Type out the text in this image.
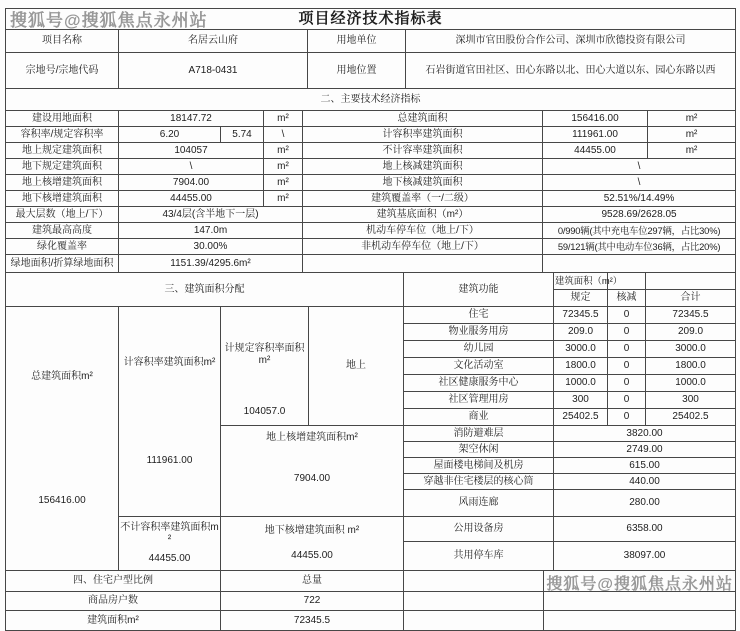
项目经济技术指标表			
项目名称	名居云山府	用地单位	深圳市官田股份合作公司、深圳市欣德投资有限公司
宗地号/宗地代码	A718-0431	用地位置	石岩街道官田社区、田心东路以北、田心大道以东、园心东路以西
二、主要技术经济指标						
建设用地面积	18147.72		m²	总建筑面积	156416.00	m²
容积率/规定容积率	6.20	5.74	\	计容积率建筑面积	111961.00	m²
地上规定建筑面积	104057		m²	不计容率建筑面积	44455.00	m²
地下规定建筑面积	\		m²	地上核减建筑面积	\	
地上核增建筑面积	7904.00		m²	地下核减建筑面积	\	
地下核增建筑面积	44455.00		m²	建筑覆盖率（一/二级）	52.51%/14.49%	
最大层数（地上/下）	43/4层(含半地下一层)			建筑基底面积（m²）	9528.69/2628.05	
建筑最高高度	147.0m			机动车停车位（地上/下）	0/990辆(其中充电车位297辆，占比30%)	
绿化覆盖率	30.00%			非机动车停车位（地上/下）	59/121辆(其中电动车位36辆，占比20%)	
绿地面积/折算绿地面积	1151.39/4295.6m²					
三、建筑面积分配				建筑功能	建筑面积（m²）		
					规定	核减	合计

总建筑面积m²
156416.00

计容积率建筑面积m²
111961.00

计规定容积率面积 m²
104057.0
	地上	住宅	72345.5	0	72345.5
				物业服务用房	209.0	0	209.0
				幼儿园	3000.0	0	3000.0
				文化活动室	1800.0	0	1800.0
				社区健康服务中心	1000.0	0	1000.0
				社区管理用房	300	0	300
				商业	25402.5	0	25402.5

		地上核增建筑面积m²
7904.00		消防避难层	3820.00		
				架空休闲	2749.00		
				屋面楼电梯间及机房	615.00		
				穿越非住宅楼层的核心筒	440.00		
				风雨连廊	280.00		

不计容积率建筑面积m²
44455.00

地下核增建筑面积 m²
44455.00
	公用设备房	6358.00
				共用停车库	38097.00		
四、住宅户型比例	总量		
商品房户数	722		
建筑面积m²	72345.5		
搜狐号@搜狐焦点永州站
搜狐号@搜狐焦点永州站
